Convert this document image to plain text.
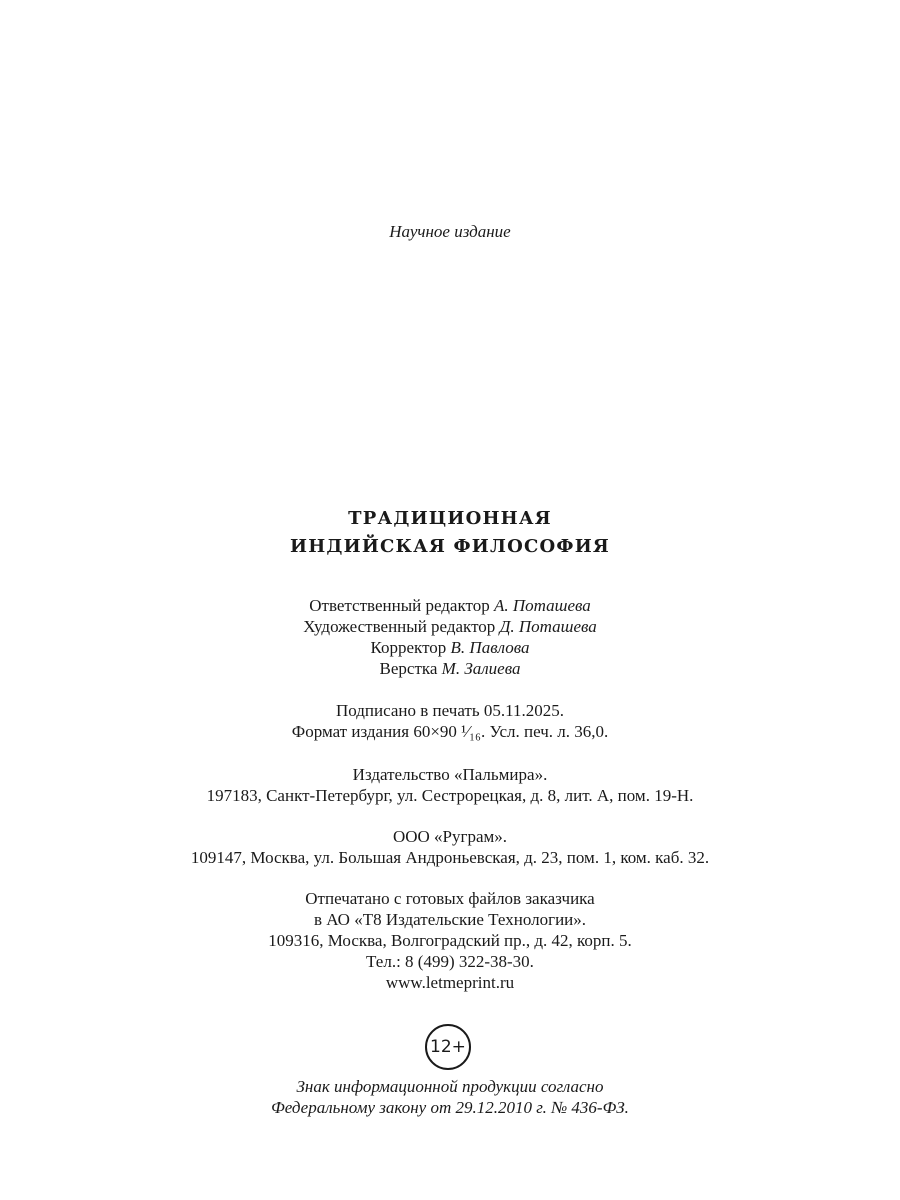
Научное издание
ТРАДИЦИОННАЯ
ИНДИЙСКАЯ ФИЛОСОФИЯ
Ответственный редактор А. Поташева
Художественный редактор Д. Поташева
Корректор В. Павлова
Верстка М. Залиева
Подписано в печать 05.11.2025.
Формат издания 60×90 ¹⁄₁₆. Усл. печ. л. 36,0.
Издательство «Пальмира».
197183, Санкт-Петербург, ул. Сестрорецкая, д. 8, лит. А, пом. 19-Н.
ООО «Руграм».
109147, Москва, ул. Большая Андроньевская, д. 23, пом. 1, ком. каб. 32.
Отпечатано с готовых файлов заказчика
в АО «Т8 Издательские Технологии».
109316, Москва, Волгоградский пр., д. 42, корп. 5.
Тел.: 8 (499) 322-38-30.
www.letmeprint.ru
12+
Знак информационной продукции согласно
Федеральному закону от 29.12.2010 г. № 436-ФЗ.
